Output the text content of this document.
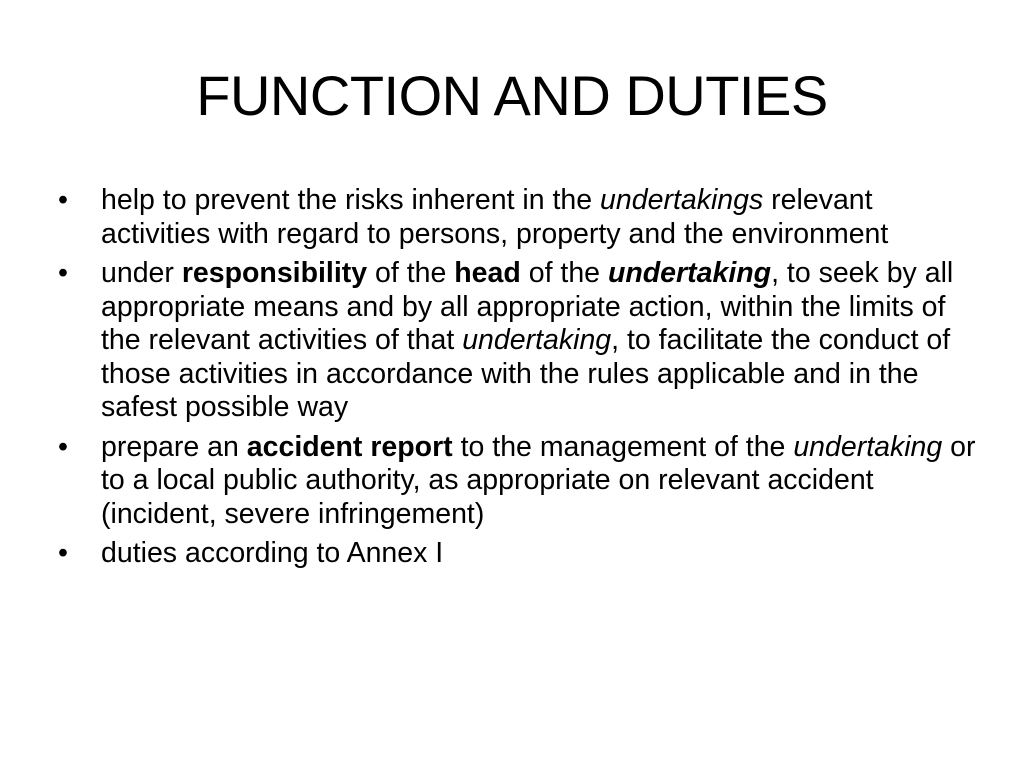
FUNCTION AND DUTIES
• help to prevent the risks inherent in the undertakings relevant activities with regard to persons, property and the environment
• under responsibility of the head of the undertaking, to seek by all appropriate means and by all appropriate action, within the limits of the relevant activities of that undertaking, to facilitate the conduct of those activities in accordance with the rules applicable and in the safest possible way
• prepare an accident report to the management of the undertaking or to a local public authority, as appropriate on relevant accident (incident, severe infringement)
• duties according to Annex I
